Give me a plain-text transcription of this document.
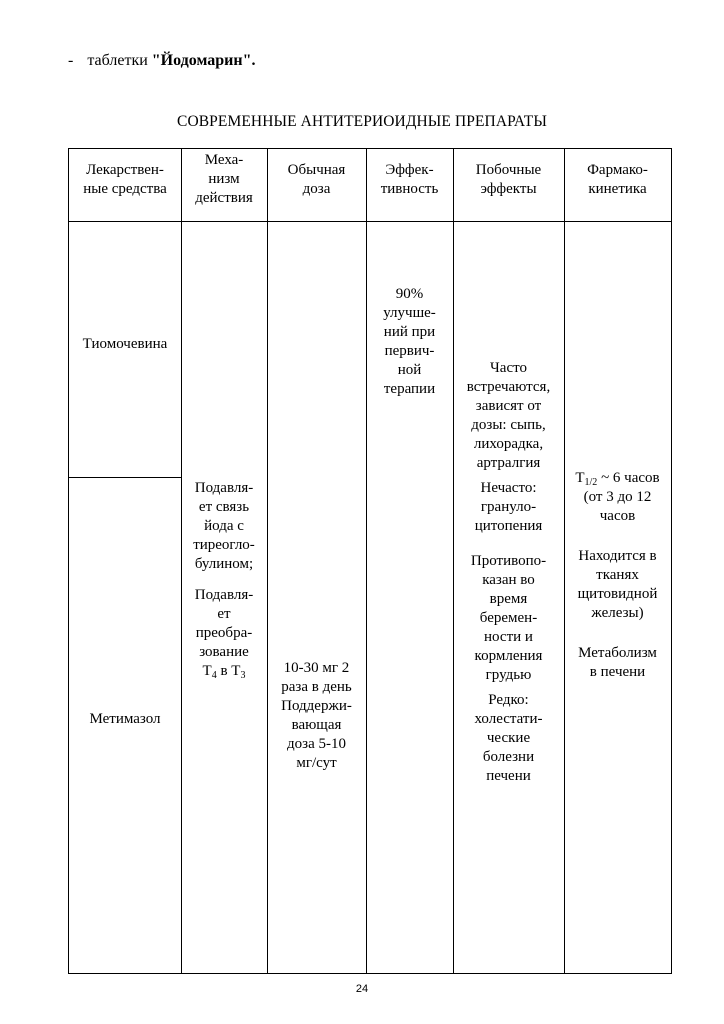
- таблетки "Йодомарин".
СОВРЕМЕННЫЕ АНТИТЕРИОИДНЫЕ ПРЕПАРАТЫ
Лекарствен-
ные средства
Меха-
низм
действия
Обычная
доза
Эффек-
тивность
Побочные
эффекты
Фармако-
кинетика
Тиомочевина
Метимазол
Подавля-
ет связь
йода с
тиреогло-
булином;
Подавля-
ет
преобра-
зование
$Т_4$ в $Т_3$	10-30 мг 2
раза в день
Поддержи-
вающая
доза 5-10
мг/сут
90%
улучше-
ний при
первич-
ной
терапии
Часто
встречаются,
зависят от
дозы: сыпь,
лихорадка,
артралгия
Нечасто:
грануло-
цитопения
Противопо-
казан во
время
беремен-
ности и
кормления
грудью
Редко:
холестати-
ческие
болезни
печени
$Т_{1/2}$ ~ 6 часов
(от 3 до 12
часов
Находится в
тканях
щитовидной
железы)
Метаболизм
в печени
24
